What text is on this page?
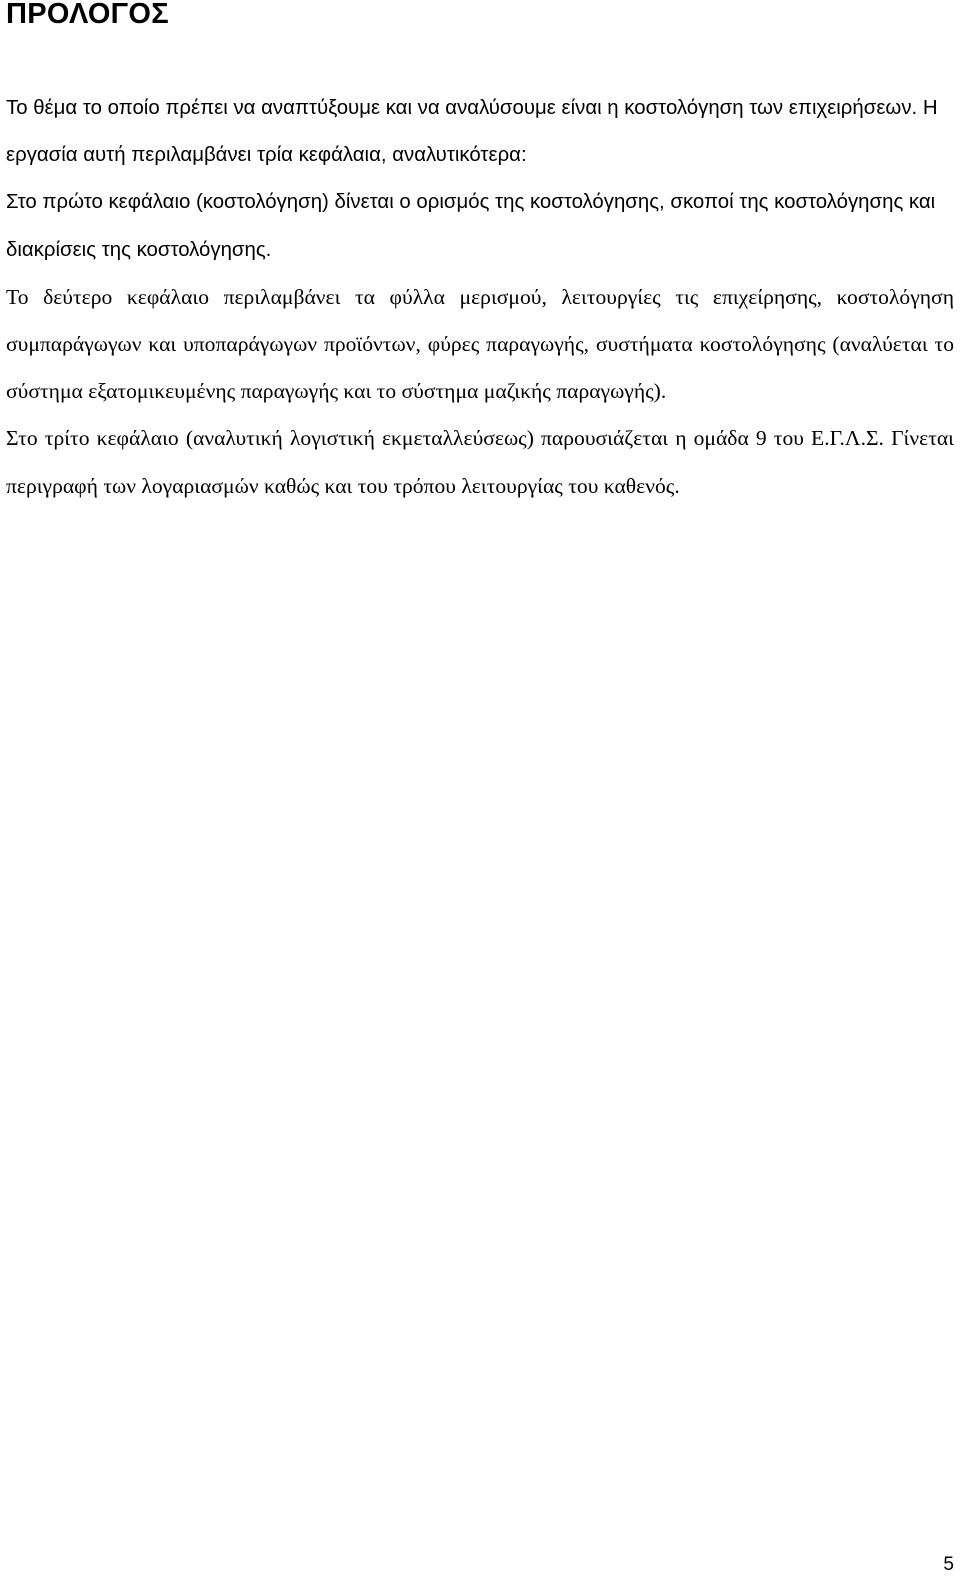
ΠΡΟΛΟΓΟΣ

Το θέμα το οποίο πρέπει να αναπτύξουμε και να αναλύσουμε είναι η κοστολόγηση των επιχειρήσεων. Η εργασία αυτή περιλαμβάνει τρία κεφάλαια, αναλυτικότερα:

Στο πρώτο κεφάλαιο (κοστολόγηση) δίνεται ο ορισμός της κοστολόγησης, σκοποί της κοστολόγησης και διακρίσεις της κοστολόγησης.

Το δεύτερο κεφάλαιο περιλαμβάνει τα φύλλα μερισμού, λειτουργίες τις επιχείρησης, κοστολόγηση συμπαράγωγων και υποπαράγωγων προϊόντων, φύρες παραγωγής, συστήματα κοστολόγησης (αναλύεται το σύστημα εξατομικευμένης παραγωγής και το σύστημα μαζικής παραγωγής).

Στο τρίτο κεφάλαιο (αναλυτική λογιστική εκμεταλλεύσεως) παρουσιάζεται η ομάδα 9 του Ε.Γ.Λ.Σ. Γίνεται περιγραφή των λογαριασμών καθώς και του τρόπου λειτουργίας του καθενός.

5
